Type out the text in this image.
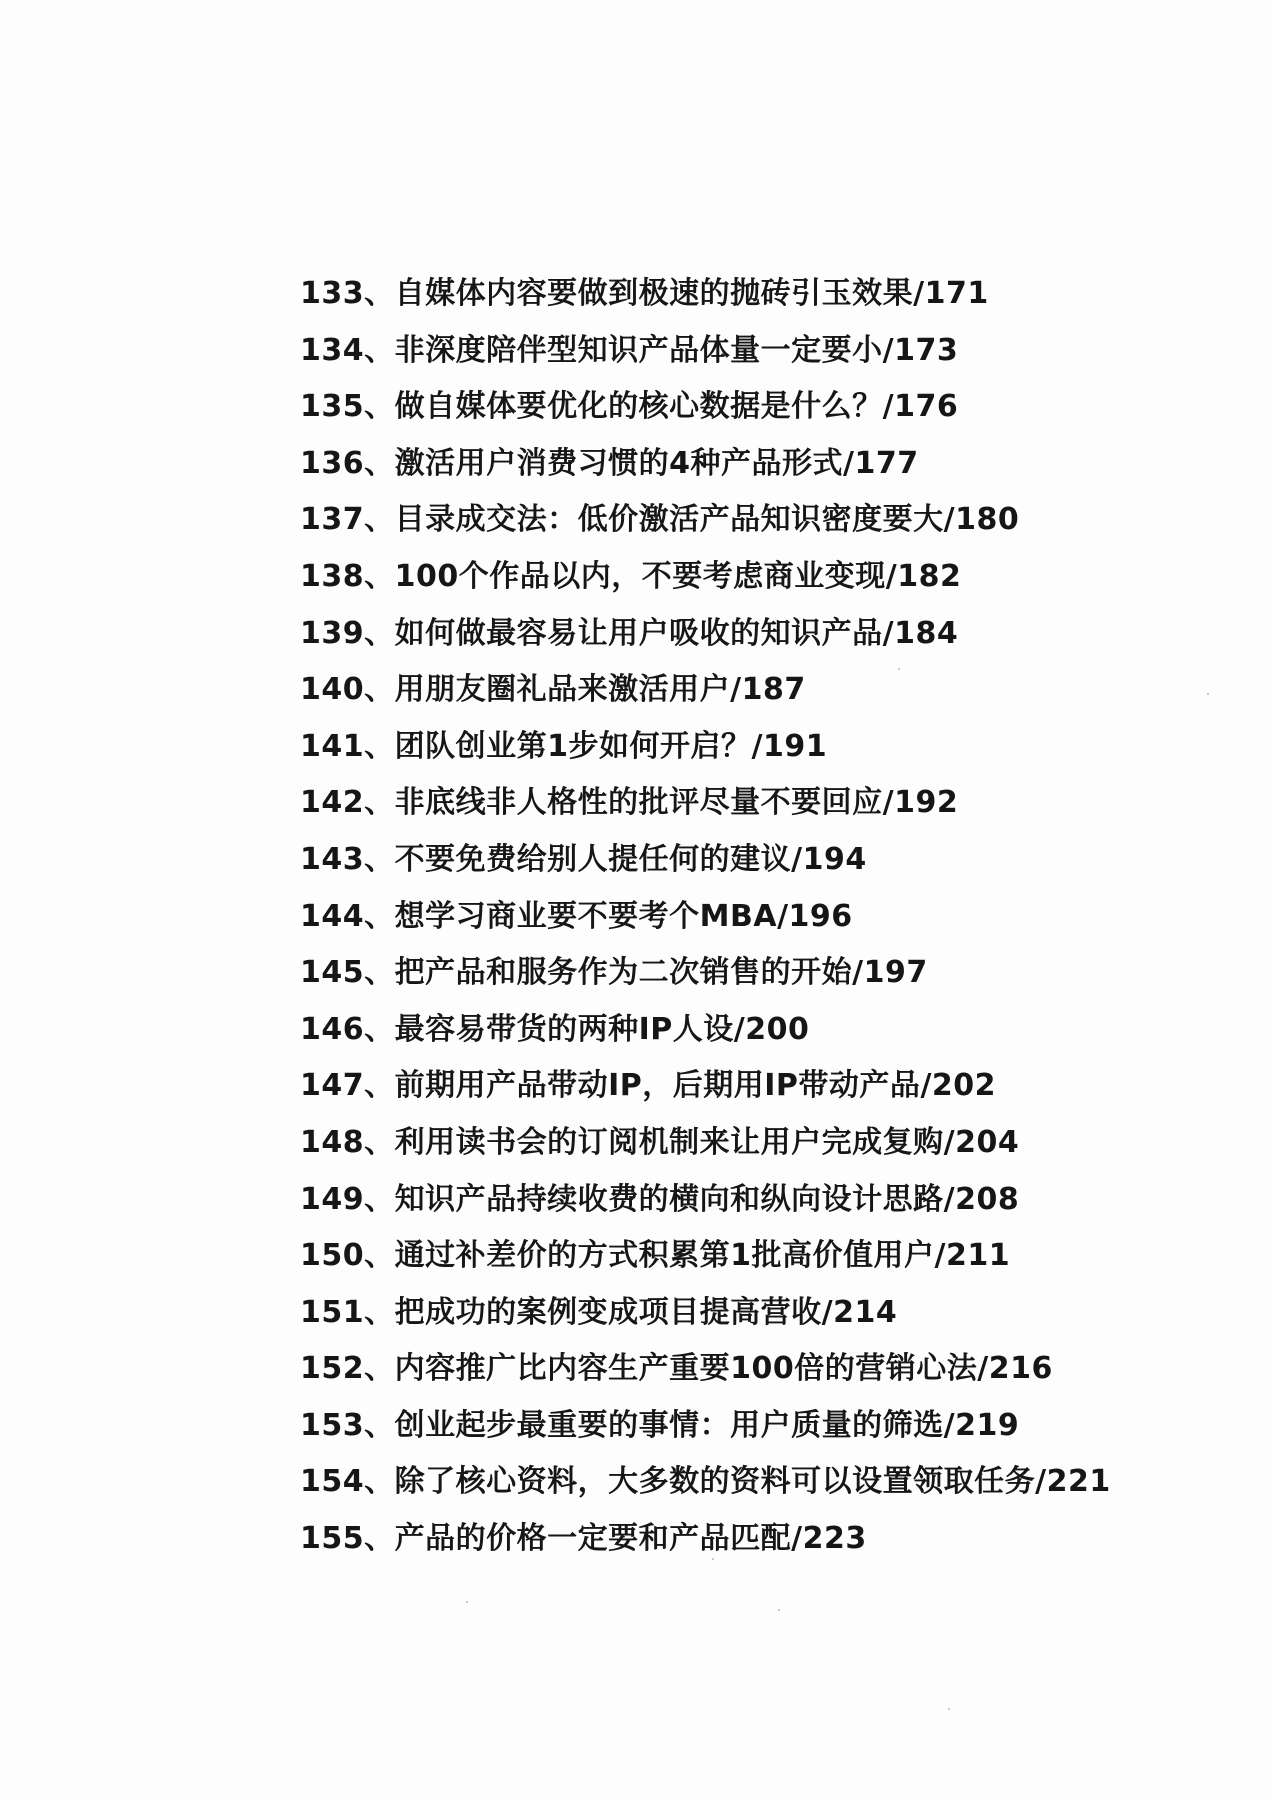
133、自媒体内容要做到极速的抛砖引玉效果/171
134、非深度陪伴型知识产品体量一定要小/173
135、做自媒体要优化的核心数据是什么？/176
136、激活用户消费习惯的4种产品形式/177
137、目录成交法：低价激活产品知识密度要大/180
138、100个作品以内，不要考虑商业变现/182
139、如何做最容易让用户吸收的知识产品/184
140、用朋友圈礼品来激活用户/187
141、团队创业第1步如何开启？/191
142、非底线非人格性的批评尽量不要回应/192
143、不要免费给别人提任何的建议/194
144、想学习商业要不要考个MBA/196
145、把产品和服务作为二次销售的开始/197
146、最容易带货的两种IP人设/200
147、前期用产品带动IP，后期用IP带动产品/202
148、利用读书会的订阅机制来让用户完成复购/204
149、知识产品持续收费的横向和纵向设计思路/208
150、通过补差价的方式积累第1批高价值用户/211
151、把成功的案例变成项目提高营收/214
152、内容推广比内容生产重要100倍的营销心法/216
153、创业起步最重要的事情：用户质量的筛选/219
154、除了核心资料，大多数的资料可以设置领取任务/221
155、产品的价格一定要和产品匹配/223
